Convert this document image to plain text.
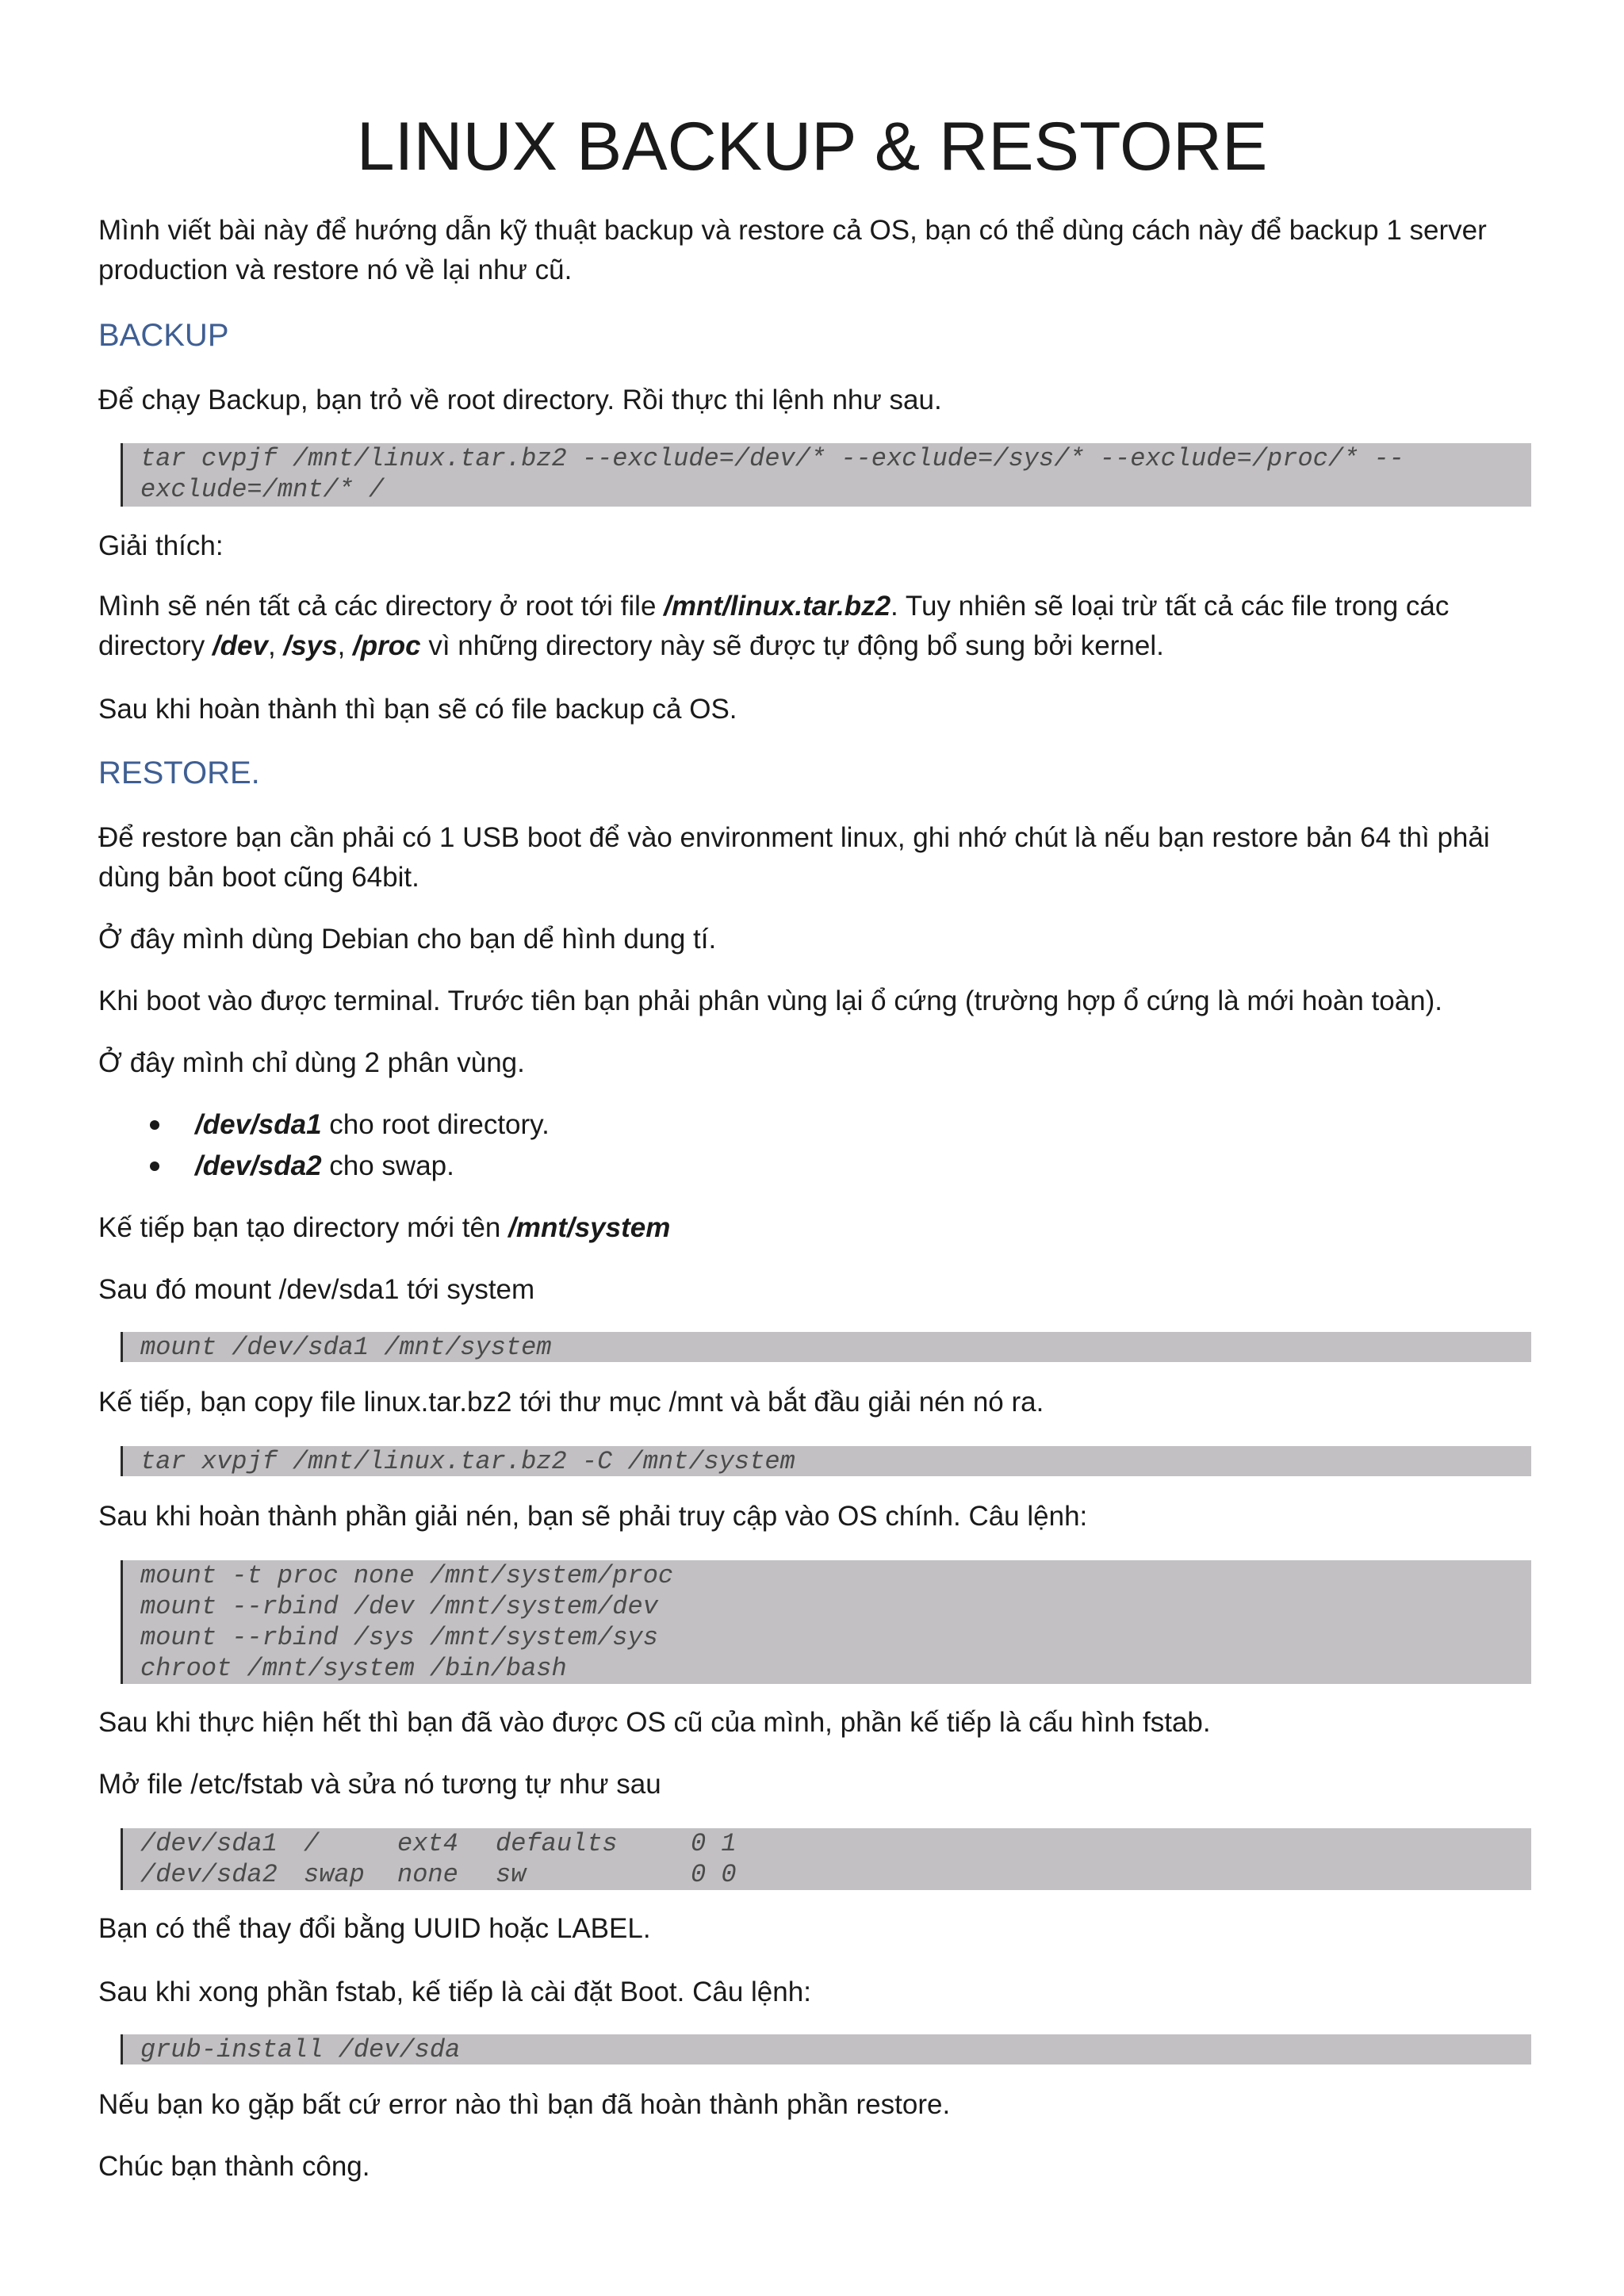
LINUX BACKUP & RESTORE
Mình viết bài này để hướng dẫn kỹ thuật backup và restore cả OS, bạn có thể dùng cách này để backup 1 server
production và restore nó về lại như cũ.
BACKUP
Để chạy Backup, bạn trỏ về root directory. Rồi thực thi lệnh như sau.
tar cvpjf /mnt/linux.tar.bz2 --exclude=/dev/* --exclude=/sys/* --exclude=/proc/* --
exclude=/mnt/* /
Giải thích:
Mình sẽ nén tất cả các directory ở root tới file /mnt/linux.tar.bz2. Tuy nhiên sẽ loại trừ tất cả các file trong các
directory /dev, /sys, /proc vì những directory này sẽ được tự động bổ sung bởi kernel.
Sau khi hoàn thành thì bạn sẽ có file backup cả OS.
RESTORE.
Để restore bạn cần phải có 1 USB boot để vào environment linux, ghi nhớ chút là nếu bạn restore bản 64 thì phải
dùng bản boot cũng 64bit.
Ở đây mình dùng Debian cho bạn dể hình dung tí.
Khi boot vào được terminal. Trước tiên bạn phải phân vùng lại ổ cứng (trường hợp ổ cứng là mới hoàn toàn).
Ở đây mình chỉ dùng 2 phân vùng.
/dev/sda1 cho root directory.
/dev/sda2 cho swap.
Kế tiếp bạn tạo directory mới tên /mnt/system
Sau đó mount /dev/sda1 tới system
mount /dev/sda1 /mnt/system
Kế tiếp, bạn copy file linux.tar.bz2 tới thư mục /mnt và bắt đầu giải nén nó ra.
tar xvpjf /mnt/linux.tar.bz2 -C /mnt/system
Sau khi hoàn thành phần giải nén, bạn sẽ phải truy cập vào OS chính. Câu lệnh:
mount -t proc none /mnt/system/proc
mount --rbind /dev /mnt/system/dev
mount --rbind /sys /mnt/system/sys
chroot /mnt/system /bin/bash
Sau khi thực hiện hết thì bạn đã vào được OS cũ của mình, phần kế tiếp là cấu hình fstab.
Mở file /etc/fstab và sửa nó tương tự như sau
/dev/sda1 /	ext4 defaults	0 1
/dev/sda2 swap none sw	0 0
Bạn có thể thay đổi bằng UUID hoặc LABEL.
Sau khi xong phần fstab, kế tiếp là cài đặt Boot. Câu lệnh:
grub-install /dev/sda
Nếu bạn ko gặp bất cứ error nào thì bạn đã hoàn thành phần restore.
Chúc bạn thành công.
